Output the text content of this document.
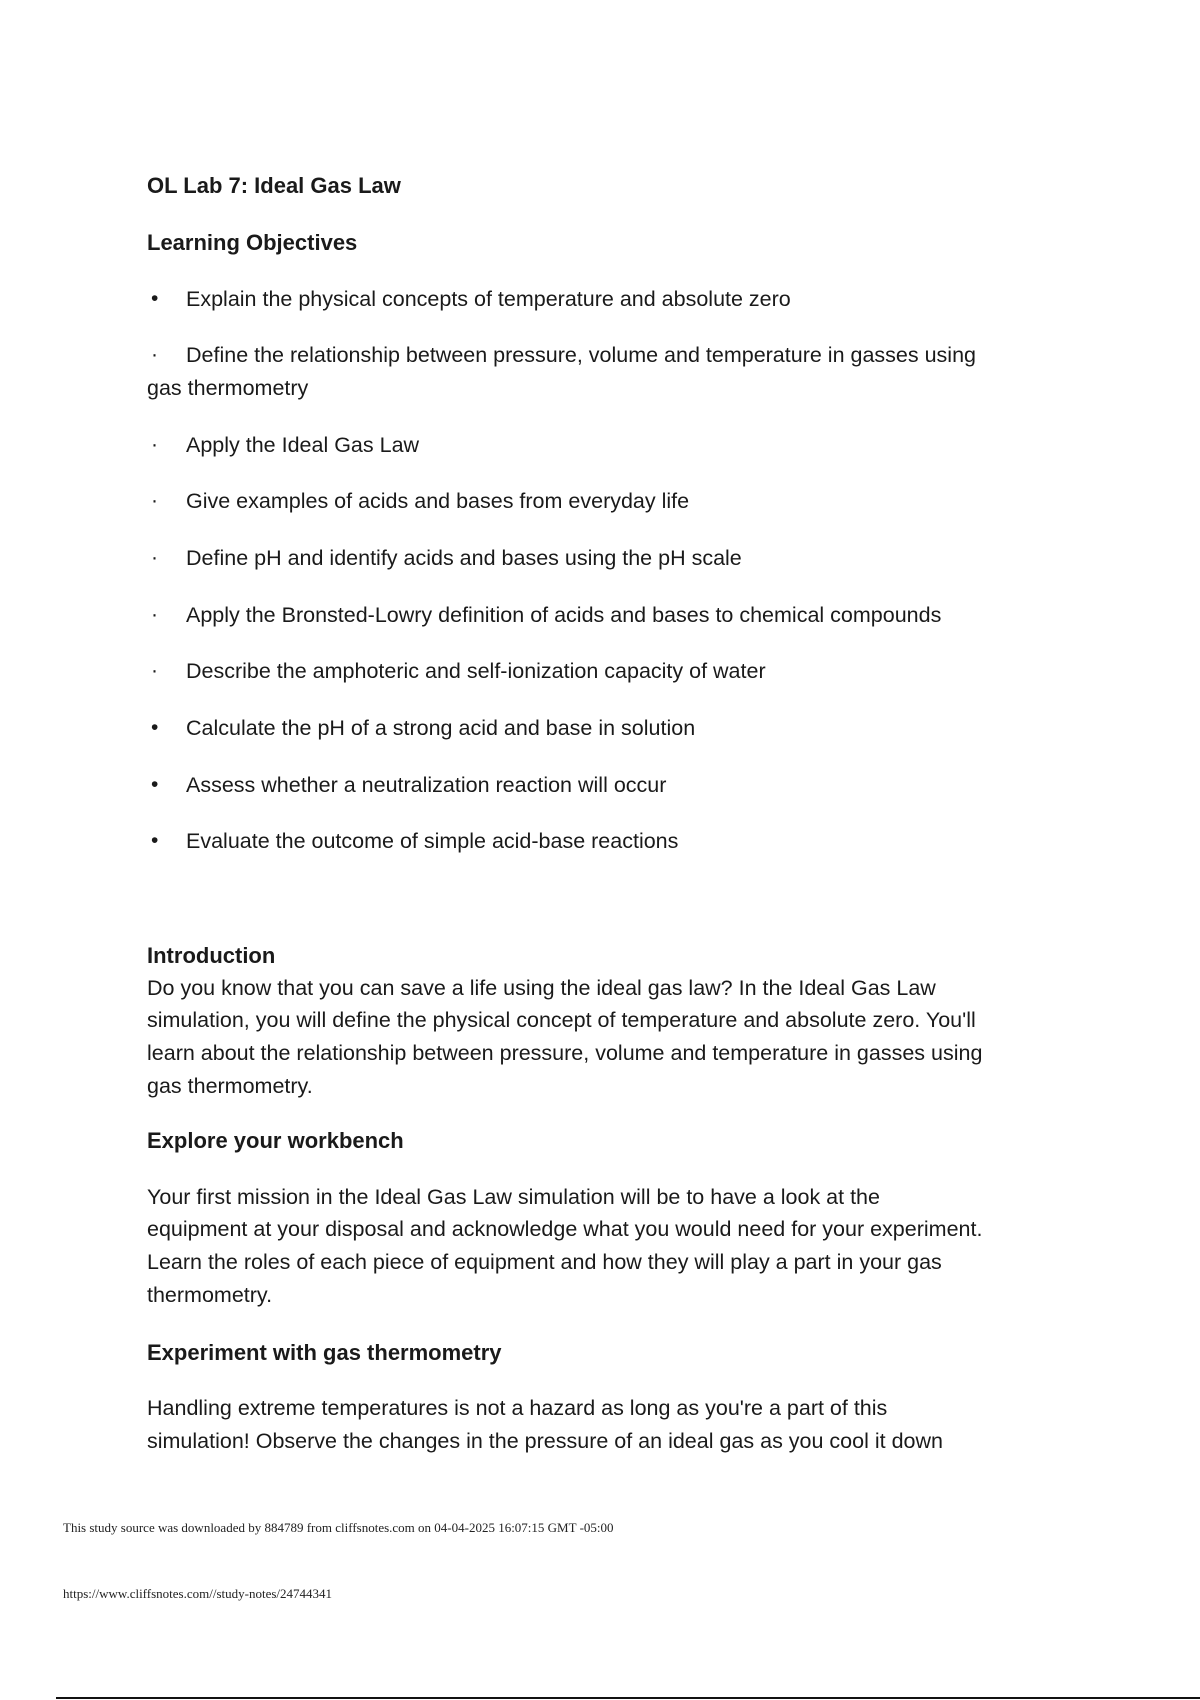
OL Lab 7: Ideal Gas Law
Learning Objectives
• Explain the physical concepts of temperature and absolute zero
· Define the relationship between pressure, volume and temperature in gasses using
gas thermometry
· Apply the Ideal Gas Law
· Give examples of acids and bases from everyday life
· Define pH and identify acids and bases using the pH scale
· Apply the Bronsted-Lowry definition of acids and bases to chemical compounds
· Describe the amphoteric and self-ionization capacity of water
• Calculate the pH of a strong acid and base in solution
• Assess whether a neutralization reaction will occur
• Evaluate the outcome of simple acid-base reactions
Introduction
Do you know that you can save a life using the ideal gas law? In the Ideal Gas Law
simulation, you will define the physical concept of temperature and absolute zero. You'll
learn about the relationship between pressure, volume and temperature in gasses using
gas thermometry.
Explore your workbench
Your first mission in the Ideal Gas Law simulation will be to have a look at the
equipment at your disposal and acknowledge what you would need for your experiment.
Learn the roles of each piece of equipment and how they will play a part in your gas
thermometry.
Experiment with gas thermometry
Handling extreme temperatures is not a hazard as long as you're a part of this
simulation! Observe the changes in the pressure of an ideal gas as you cool it down
This study source was downloaded by 884789 from cliffsnotes.com on 04-04-2025 16:07:15 GMT -05:00
https://www.cliffsnotes.com//study-notes/24744341
